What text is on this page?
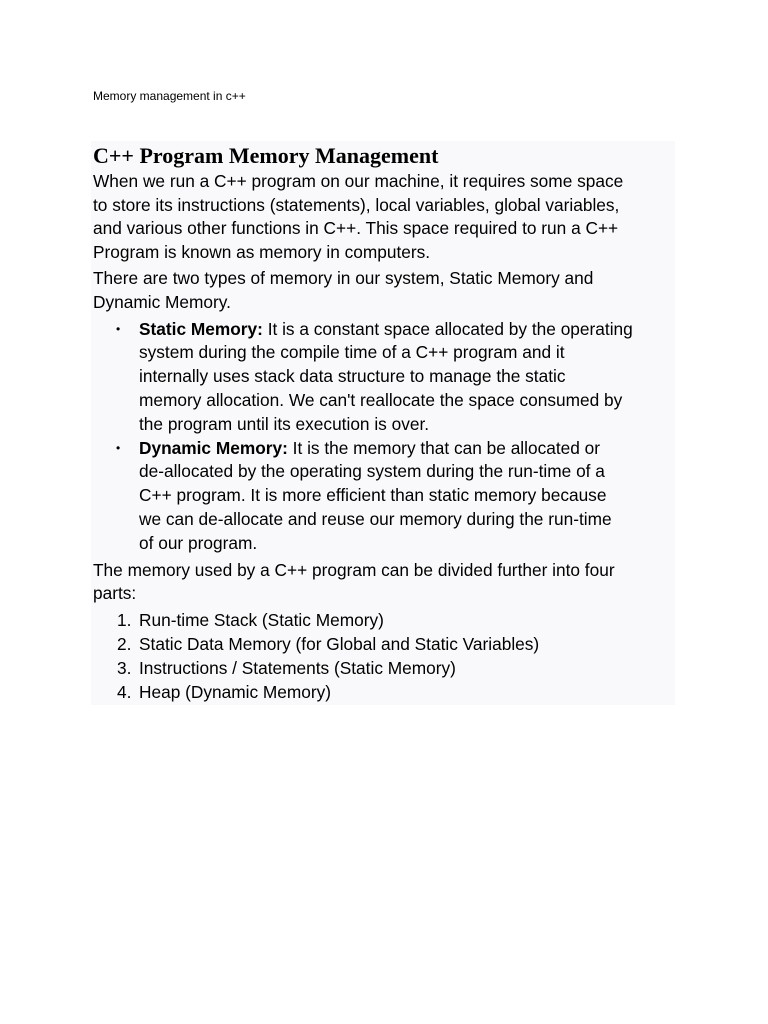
Memory management in c++
C++ Program Memory Management

When we run a C++ program on our machine, it requires some space
to store its instructions (statements), local variables, global variables,
and various other functions in C++. This space required to run a C++
Program is known as memory in computers.

There are two types of memory in our system, Static Memory and
Dynamic Memory.

• Static Memory: It is a constant space allocated by the operating
system during the compile time of a C++ program and it
internally uses stack data structure to manage the static
memory allocation. We can't reallocate the space consumed by
the program until its execution is over.
• Dynamic Memory: It is the memory that can be allocated or
de-allocated by the operating system during the run-time of a
C++ program. It is more efficient than static memory because
we can de-allocate and reuse our memory during the run-time
of our program.

The memory used by a C++ program can be divided further into four
parts:

1. Run-time Stack (Static Memory)
2. Static Data Memory (for Global and Static Variables)
3. Instructions / Statements (Static Memory)
4. Heap (Dynamic Memory)
